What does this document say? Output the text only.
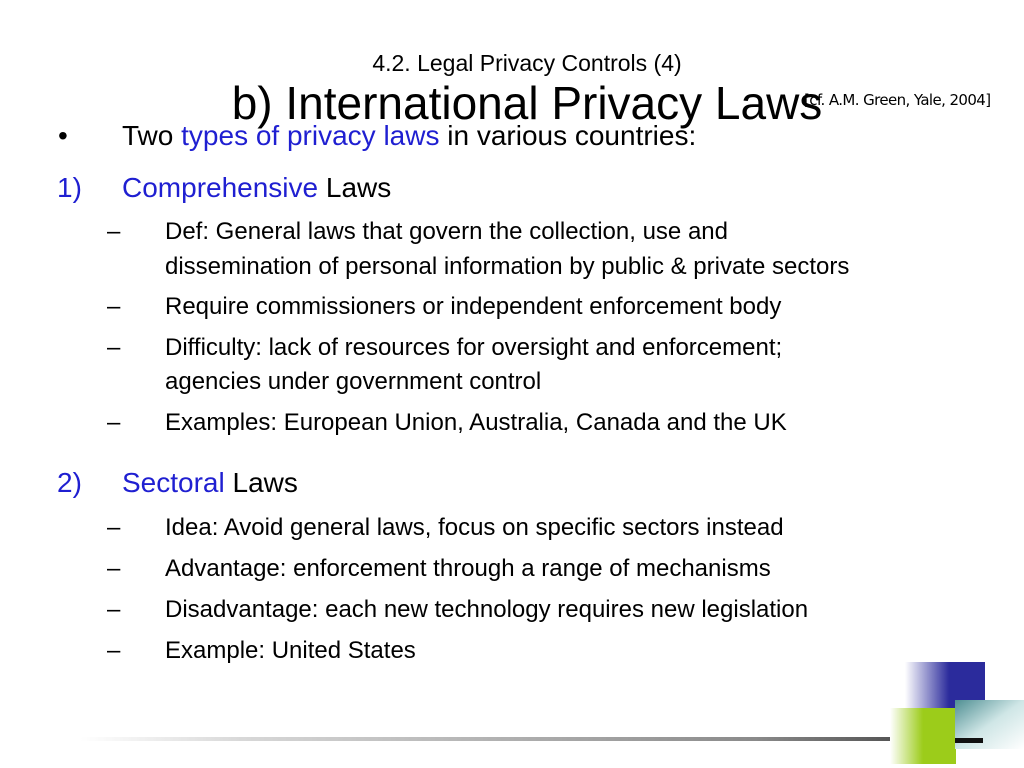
4.2. Legal Privacy Controls (4)
b) International Privacy Laws
[cf. A.M. Green, Yale, 2004]
• Two types of privacy laws in various countries:
1) Comprehensive Laws
– Def: General laws that govern the collection, use and
dissemination of personal information by public & private sectors
– Require commissioners or independent enforcement body
– Difficulty: lack of resources for oversight and enforcement;
agencies under government control
– Examples: European Union, Australia, Canada and the UK
2) Sectoral Laws
– Idea: Avoid general laws, focus on specific sectors instead
– Advantage: enforcement through a range of mechanisms
– Disadvantage: each new technology requires new legislation
– Example: United States
